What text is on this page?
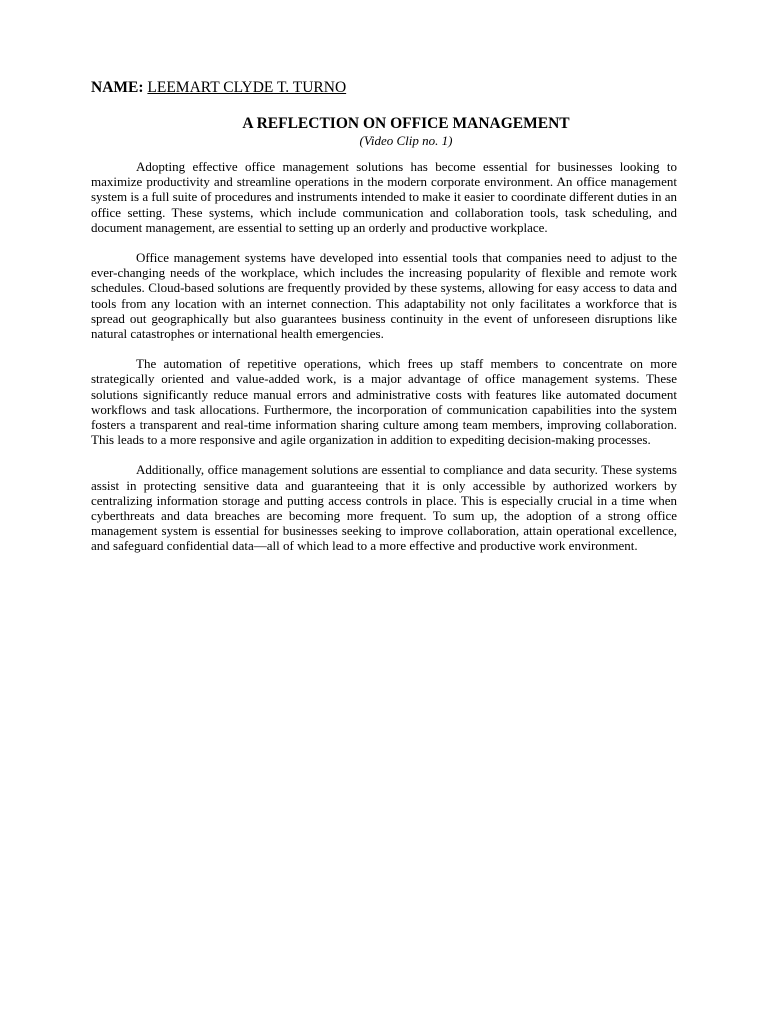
NAME: LEEMART CLYDE T. TURNO

A REFLECTION ON OFFICE MANAGEMENT

(Video Clip no. 1)

Adopting effective office management solutions has become essential for businesses looking to maximize productivity and streamline operations in the modern corporate environment. An office management system is a full suite of procedures and instruments intended to make it easier to coordinate different duties in an office setting. These systems, which include communication and collaboration tools, task scheduling, and document management, are essential to setting up an orderly and productive workplace.

Office management systems have developed into essential tools that companies need to adjust to the ever-changing needs of the workplace, which includes the increasing popularity of flexible and remote work schedules. Cloud-based solutions are frequently provided by these systems, allowing for easy access to data and tools from any location with an internet connection. This adaptability not only facilitates a workforce that is spread out geographically but also guarantees business continuity in the event of unforeseen disruptions like natural catastrophes or international health emergencies.

The automation of repetitive operations, which frees up staff members to concentrate on more strategically oriented and value-added work, is a major advantage of office management systems. These solutions significantly reduce manual errors and administrative costs with features like automated document workflows and task allocations. Furthermore, the incorporation of communication capabilities into the system fosters a transparent and real-time information sharing culture among team members, improving collaboration. This leads to a more responsive and agile organization in addition to expediting decision-making processes.

Additionally, office management solutions are essential to compliance and data security. These systems assist in protecting sensitive data and guaranteeing that it is only accessible by authorized workers by centralizing information storage and putting access controls in place. This is especially crucial in a time when cyberthreats and data breaches are becoming more frequent. To sum up, the adoption of a strong office management system is essential for businesses seeking to improve collaboration, attain operational excellence, and safeguard confidential data—all of which lead to a more effective and productive work environment.
